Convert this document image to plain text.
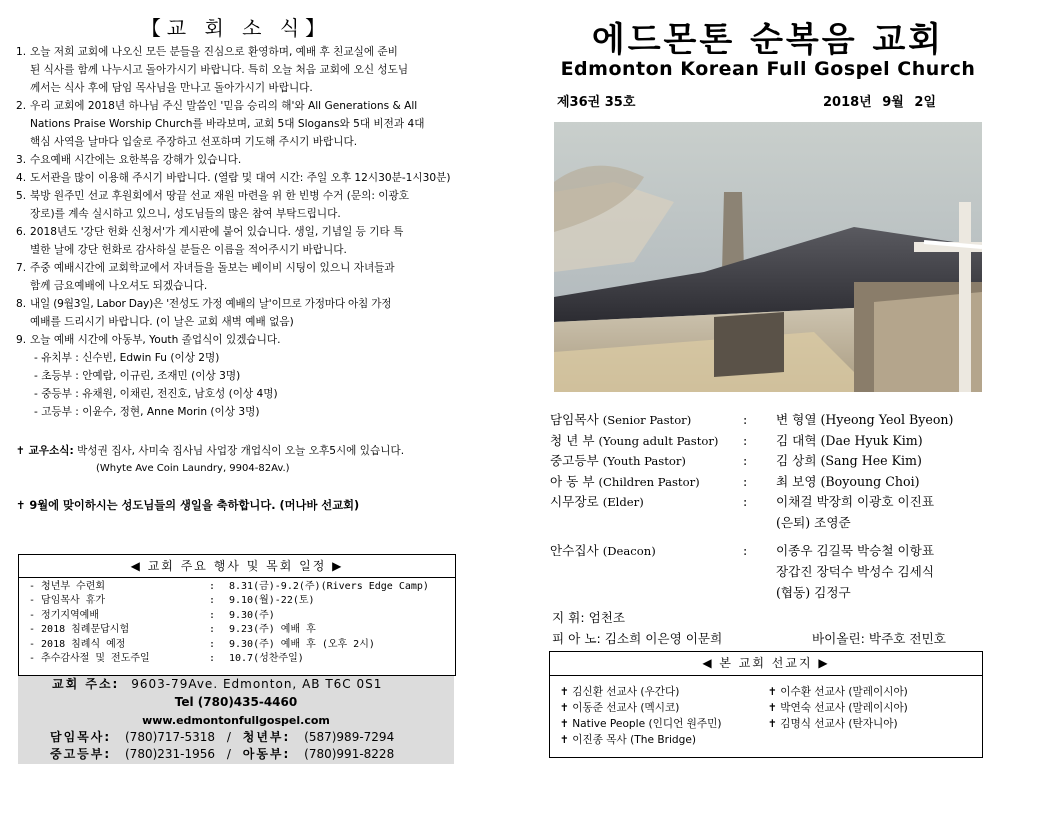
【교 회 소 식】
1. 오늘 저희 교회에 나오신 모든 분들을 진심으로 환영하며, 예배 후 친교실에 준비
된 식사를 함께 나누시고 돌아가시기 바랍니다. 특히 오늘 처음 교회에 오신 성도님
께서는 식사 후에 담임 목사님을 만나고 돌아가시기 바랍니다.
2. 우리 교회에 2018년 하나님 주신 말씀인 '믿음 승리의 해'와 All Generations & All
Nations Praise Worship Church를 바라보며, 교회 5대 Slogans와 5대 비전과 4대
핵심 사역을 날마다 입술로 주장하고 선포하며 기도해 주시기 바랍니다.
3. 수요예배 시간에는 요한복음 강해가 있습니다.
4. 도서관을 많이 이용해 주시기 바랍니다. (열람 및 대여 시간: 주일 오후 12시30분-1시30분)
5. 북방 원주민 선교 후원회에서 땅끝 선교 재원 마련을 위 한 빈병 수거 (문의: 이광호
장로)를 계속 실시하고 있으니, 성도님들의 많은 참여 부탁드립니다.
6. 2018년도 '강단 헌화 신청서'가 게시판에 붙어 있습니다. 생일, 기념일 등 기타 특
별한 날에 강단 헌화로 감사하실 분들은 이름을 적어주시기 바랍니다.
7. 주중 예배시간에 교회학교에서 자녀들을 돌보는 베이비 시팅이 있으니 자녀들과
함께 금요예배에 나오셔도 되겠습니다.
8. 내일 (9월3일, Labor Day)은 '전성도 가정 예배의 날'이므로 가정마다 아침 가정
예배를 드리시기 바랍니다. (이 날은 교회 새벽 예배 없음)
9. 오늘 예배 시간에 아동부, Youth 졸업식이 있겠습니다.
- 유치부 : 신수빈, Edwin Fu (이상 2명)
- 초등부 : 안예람, 이규린, 조재민 (이상 3명)
- 중등부 : 유채원, 이채린, 전진호, 남호성 (이상 4명)
- 고등부 : 이윤수, 정현, Anne Morin (이상 3명)
✝ 교우소식: 박성권 집사, 사미숙 집사님 사업장 개업식이 오늘 오후5시에 있습니다.
(Whyte Ave Coin Laundry, 9904-82Av.)
✝ 9월에 맞이하시는 성도님들의 생일을 축하합니다. (머나바 선교회)
◀ 교회 주요 행사 및 목회 일정 ▶
- 청년부 수련회	: 8.31(금)-9.2(주)(Rivers Edge Camp)
- 담임목사 휴가	: 9.10(월)-22(토)
- 정기지역예배	: 9.30(주)
- 2018 침례문답시험	: 9.23(주) 예배 후
- 2018 침례식 예정	: 9.30(주) 예배 후 (오후 2시)
- 추수감사절 및 전도주일	: 10.7(성찬주일)
교회 주소: 9603-79Ave. Edmonton, AB T6C 0S1
Tel (780)435-4460
www.edmontonfullgospel.com
담임목사: (780)717-5318 / 청년부: (587)989-7294
중고등부: (780)231-1956 / 아동부: (780)991-8228
에드몬톤 순복음 교회
Edmonton Korean Full Gospel Church
제36권 35호	2018년 9월 2일
담임목사 (Senior Pastor)	: 변 형열 (Hyeong Yeol Byeon)
청 년 부 (Young adult Pastor) : 김 대혁 (Dae Hyuk Kim)
중고등부 (Youth Pastor)	: 김 상희 (Sang Hee Kim)
아 동 부 (Children Pastor)	: 최 보영 (Boyoung Choi)
시무장로 (Elder)	: 이채걸 박장희 이광호 이진표
(은퇴) 조영준
안수집사 (Deacon)	: 이종우 김길묵 박승철 이항표
장갑진 장덕수 박성수 김세식
(협동) 김정구
지 휘: 엄천조
피 아 노: 김소희 이은영 이문희	바이올린: 박주호 전민호
◀ 본 교회 선교지 ▶
✝ 김신환 선교사 (우간다)	✝ 이수환 선교사 (말레이시아)
✝ 이동준 선교사 (멕시코)	✝ 박연숙 선교사 (말레이시아)
✝ Native People (인디언 원주민)	✝ 김명식 선교사 (탄자니아)
✝ 이진종 목사 (The Bridge)
